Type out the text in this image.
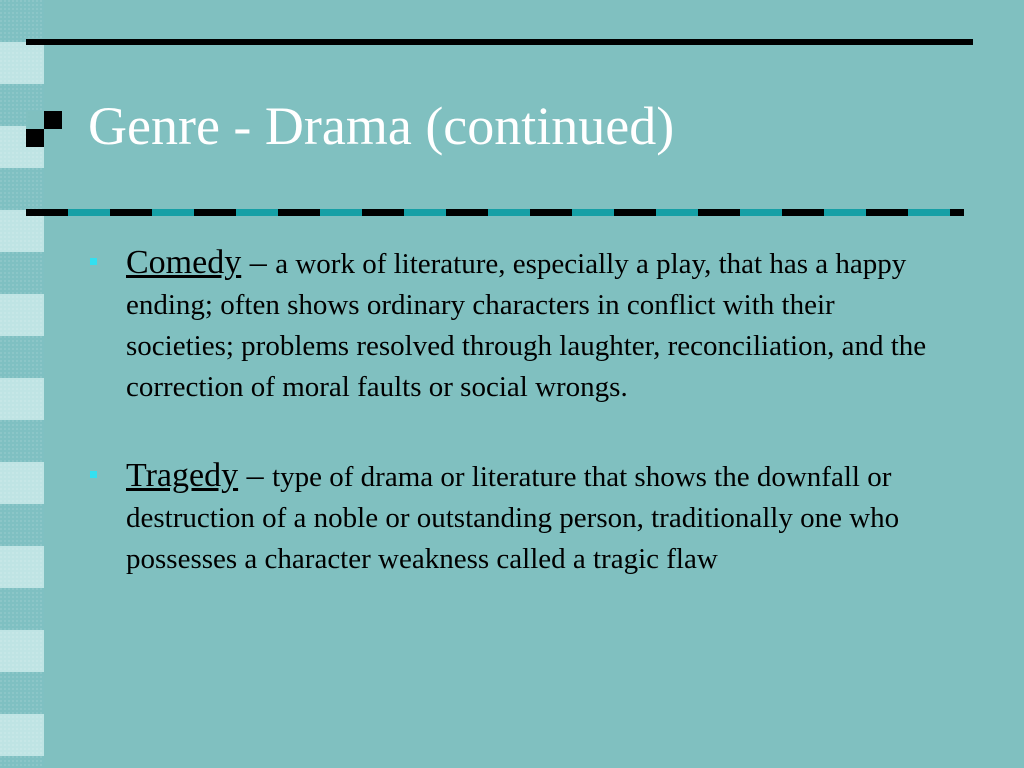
Genre - Drama (continued)
Comedy – a work of literature, especially a play, that has a happy ending; often shows ordinary characters in conflict with their societies; problems resolved through laughter, reconciliation, and the correction of moral faults or social wrongs.
Tragedy – type of drama or literature that shows the downfall or destruction of a noble or outstanding person, traditionally one who possesses a character weakness called a tragic flaw
